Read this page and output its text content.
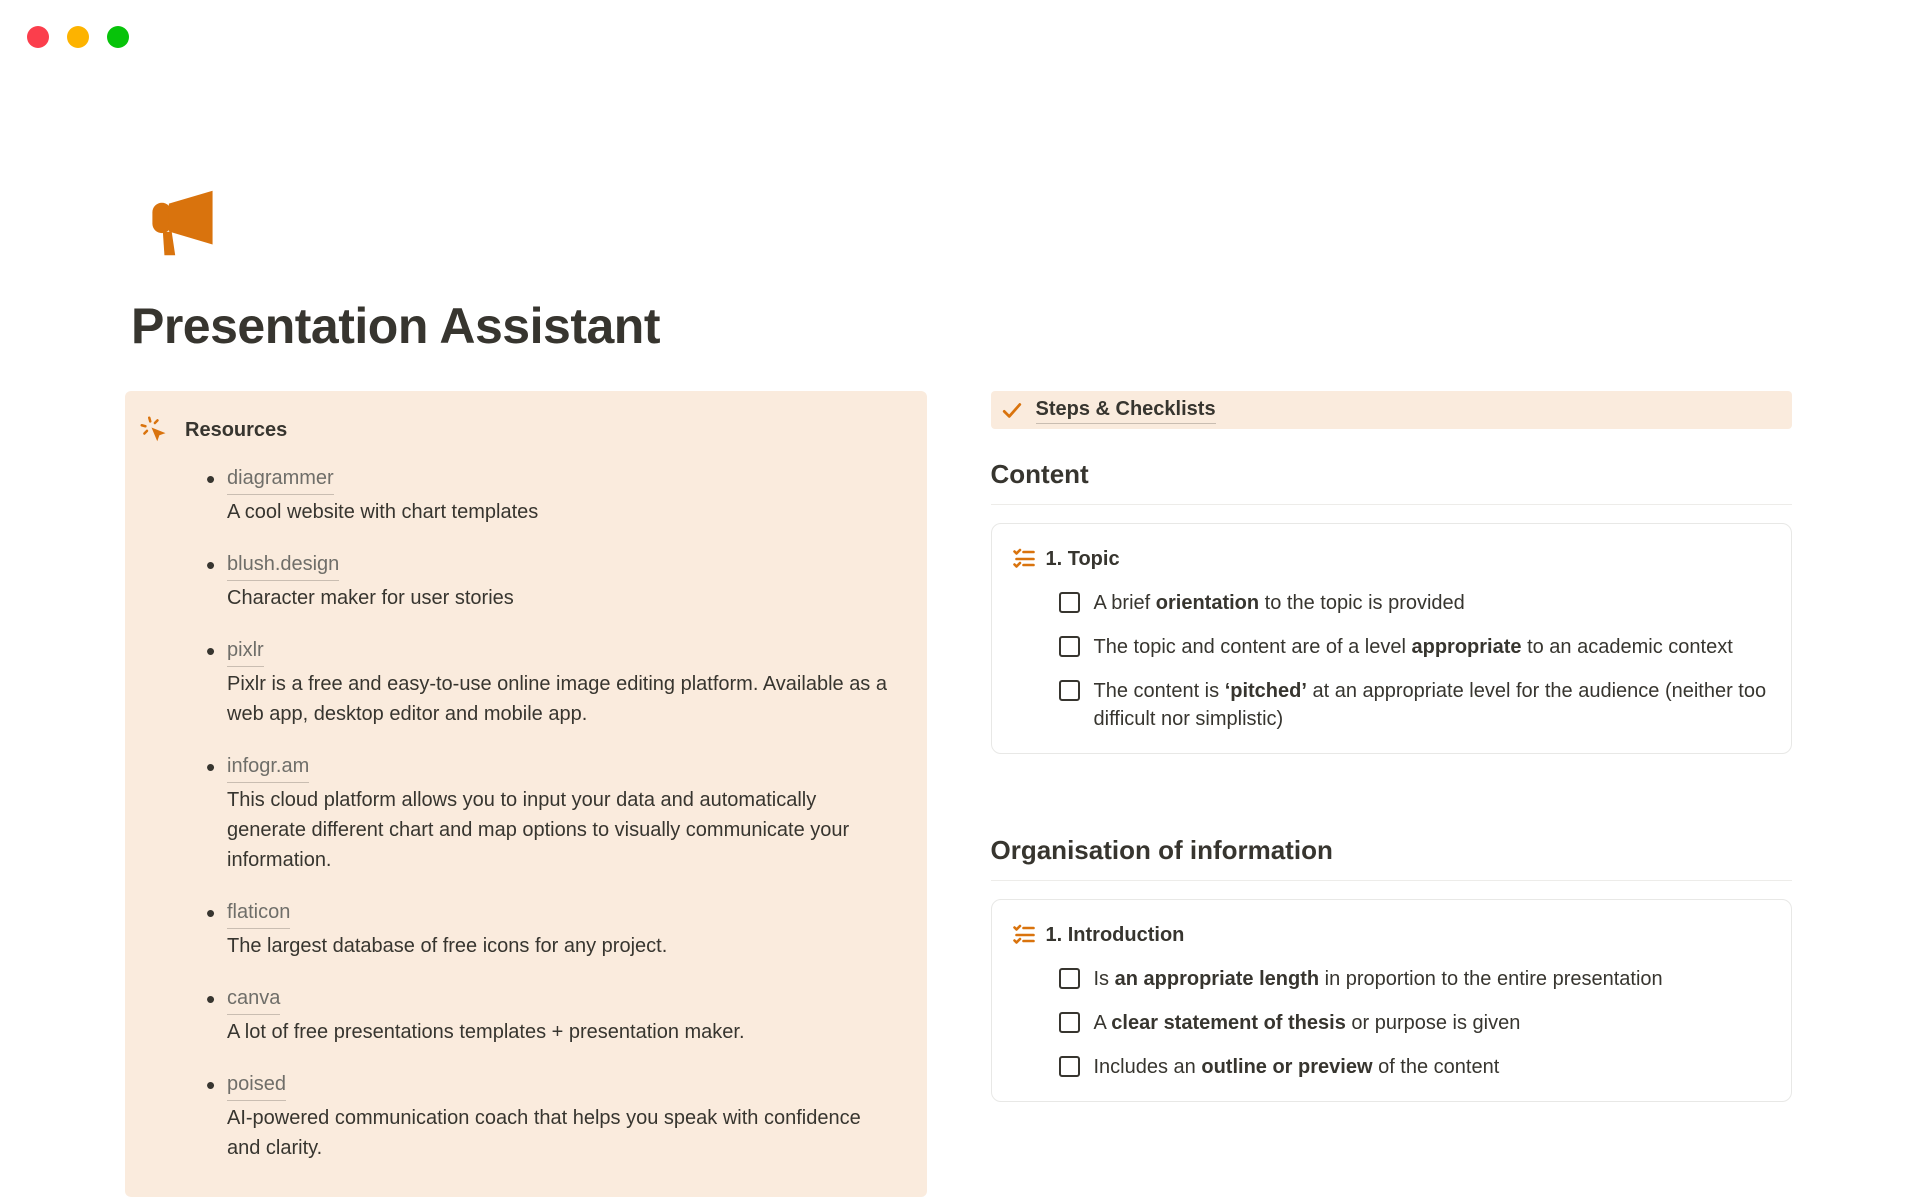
Presentation Assistant
Resources
• diagrammer
A cool website with chart templates
• blush.design
Character maker for user stories
• pixlr
Pixlr is a free and easy-to-use online image editing platform. Available as a web app, desktop editor and mobile app.
• infogr.am
This cloud platform allows you to input your data and automatically generate different chart and map options to visually communicate your information.
• flaticon
The largest database of free icons for any project.
• canva
A lot of free presentations templates + presentation maker.
• poised
AI-powered communication coach that helps you speak with confidence and clarity.
Steps & Checklists
Content
1. Topic
A brief orientation to the topic is provided
The topic and content are of a level appropriate to an academic context
The content is ‘pitched’ at an appropriate level for the audience (neither too difficult nor simplistic)
Organisation of information
1. Introduction
Is an appropriate length in proportion to the entire presentation
A clear statement of thesis or purpose is given
Includes an outline or preview of the content
